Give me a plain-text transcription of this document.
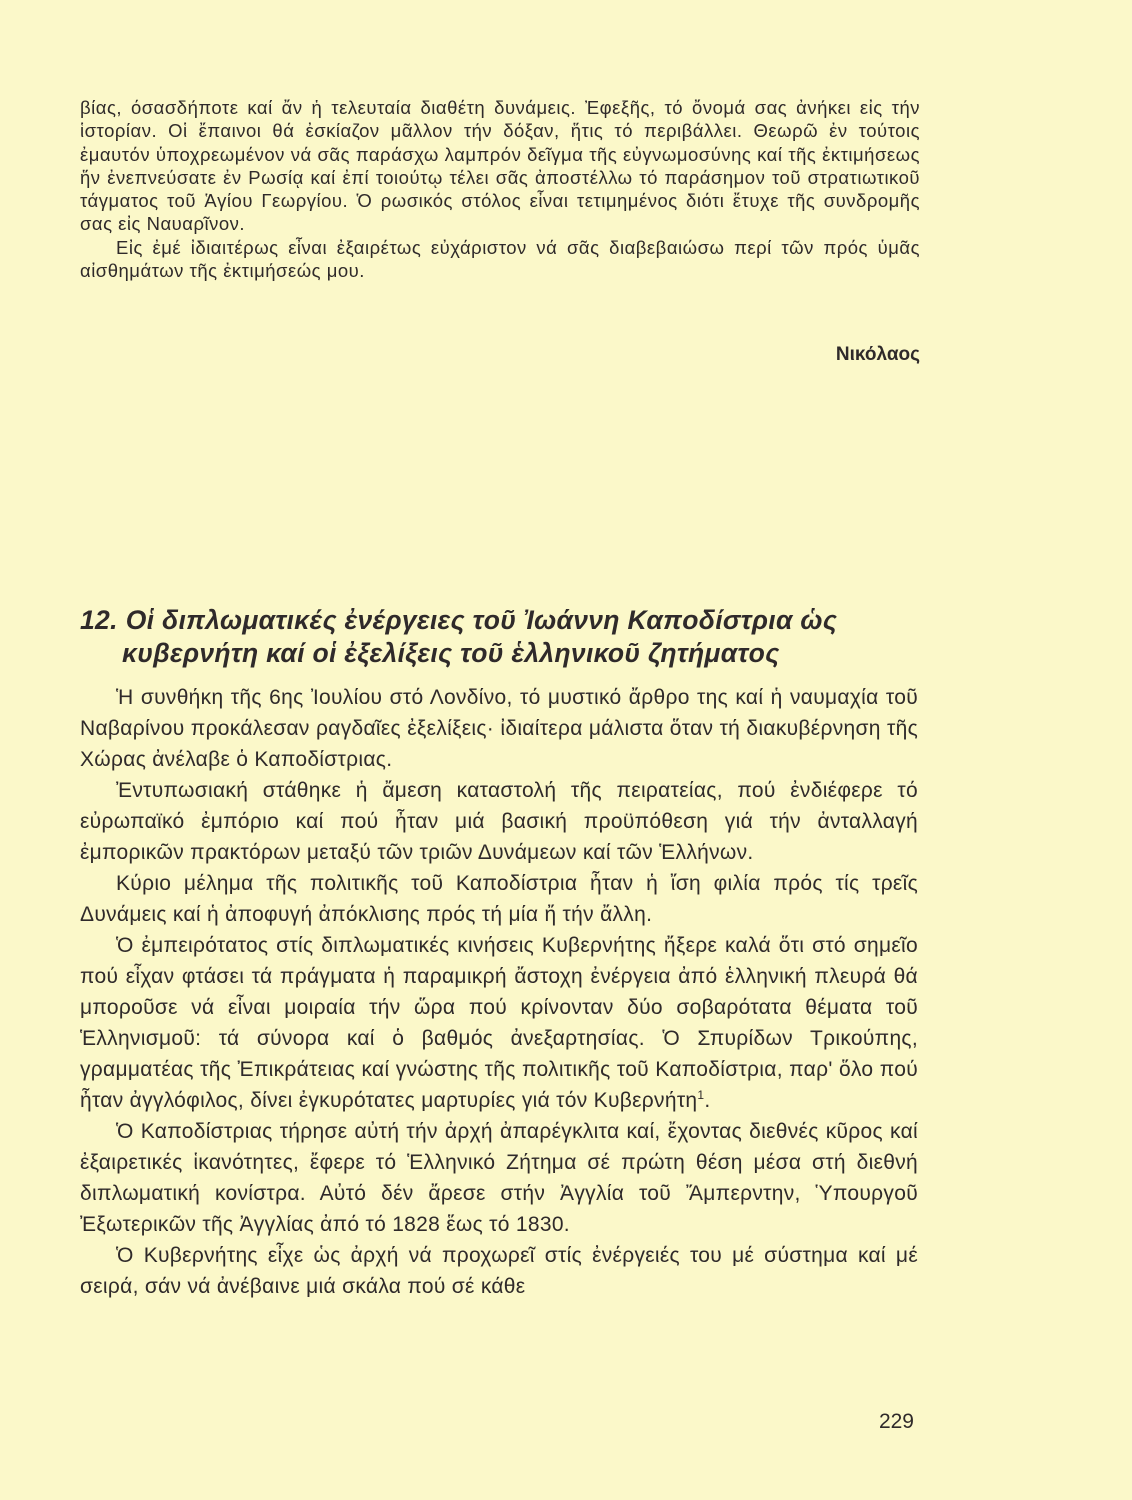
βίας, όσασδήποτε καί ἄν ἡ τελευταία διαθέτη δυνάμεις. Ἐφεξῆς, τό ὄνομά σας ἀνήκει εἰς τήν ἱστορίαν. Οἱ ἔπαινοι θά ἐσκίαζον μᾶλλον τήν δόξαν, ἥτις τό περιβάλλει. Θεωρῶ ἐν τούτοις ἐμαυτόν ὑποχρεωμένον νά σᾶς παράσχω λαμπρόν δεῖγμα τῆς εὐγνωμοσύνης καί τῆς ἐκτιμήσεως ἥν ἐνεπνεύσατε ἐν Ρωσίᾳ καί ἐπί τοιούτῳ τέλει σᾶς ἀποστέλλω τό παράσημον τοῦ στρατιωτικοῦ τάγματος τοῦ Ἁγίου Γεωργίου. Ὁ ρωσικός στόλος εἶναι τετιμημένος διότι ἔτυχε τῆς συνδρομῆς σας εἰς Ναυαρῖνον.

Εἰς ἐμέ ἰδιαιτέρως εἶναι ἐξαιρέτως εὐχάριστον νά σᾶς διαβεβαιώσω περί τῶν πρός ὑμᾶς αἰσθημάτων τῆς ἐκτιμήσεώς μου.

Νικόλαος
12. Οἱ διπλωματικές ἐνέργειες τοῦ Ἰωάννη Καποδίστρια ὡς
κυβερνήτη καί οἱ ἐξελίξεις τοῦ ἑλληνικοῦ ζητήματος

Ἡ συνθήκη τῆς 6ης Ἰουλίου στό Λονδίνο, τό μυστικό ἄρθρο της καί ἡ ναυμαχία τοῦ Ναβαρίνου προκάλεσαν ραγδαῖες ἐξελίξεις· ἰδιαίτερα μάλιστα ὅταν τή διακυβέρνηση τῆς Χώρας ἀνέλαβε ὁ Καποδίστριας.

Ἐντυπωσιακή στάθηκε ἡ ἄμεση καταστολή τῆς πειρατείας, πού ἐνδιέφερε τό εὐρωπαϊκό ἐμπόριο καί πού ἦταν μιά βασική προϋπόθεση γιά τήν ἀνταλλαγή ἐμπορικῶν πρακτόρων μεταξύ τῶν τριῶν Δυνάμεων καί τῶν Ἑλλήνων.

Κύριο μέλημα τῆς πολιτικῆς τοῦ Καποδίστρια ἦταν ἡ ἴση φιλία πρός τίς τρεῖς Δυνάμεις καί ἡ ἀποφυγή ἀπόκλισης πρός τή μία ἤ τήν ἄλλη.

Ὁ ἐμπειρότατος στίς διπλωματικές κινήσεις Κυβερνήτης ἤξερε καλά ὅτι στό σημεῖο πού εἶχαν φτάσει τά πράγματα ἡ παραμικρή ἄστοχη ἐνέργεια ἀπό ἑλληνική πλευρά θά μποροῦσε νά εἶναι μοιραία τήν ὥρα πού κρίνονταν δύο σοβαρότατα θέματα τοῦ Ἑλληνισμοῦ: τά σύνορα καί ὁ βαθμός ἀνεξαρτησίας. Ὁ Σπυρίδων Τρικούπης, γραμματέας τῆς Ἐπικράτειας καί γνώστης τῆς πολιτικῆς τοῦ Καποδίστρια, παρ' ὅλο πού ἦταν ἀγγλόφιλος, δίνει ἐγκυρότατες μαρτυρίες γιά τόν Κυβερνήτη$^1$.

Ὁ Καποδίστριας τήρησε αὐτή τήν ἀρχή ἀπαρέγκλιτα καί, ἔχοντας διεθνές κῦρος καί ἐξαιρετικές ἱκανότητες, ἔφερε τό Ἑλληνικό Ζήτημα σέ πρώτη θέση μέσα στή διεθνή διπλωματική κονίστρα. Αὐτό δέν ἄρεσε στήν Ἀγγλία τοῦ Ἄμπερντην, Ὑπουργοῦ Ἐξωτερικῶν τῆς Ἀγγλίας ἀπό τό 1828 ἕως τό 1830.

Ὁ Κυβερνήτης εἶχε ὡς ἀρχή νά προχωρεῖ στίς ἐνέργειές του μέ σύστημα καί μέ σειρά, σάν νά ἀνέβαινε μιά σκάλα πού σέ κάθε

229
